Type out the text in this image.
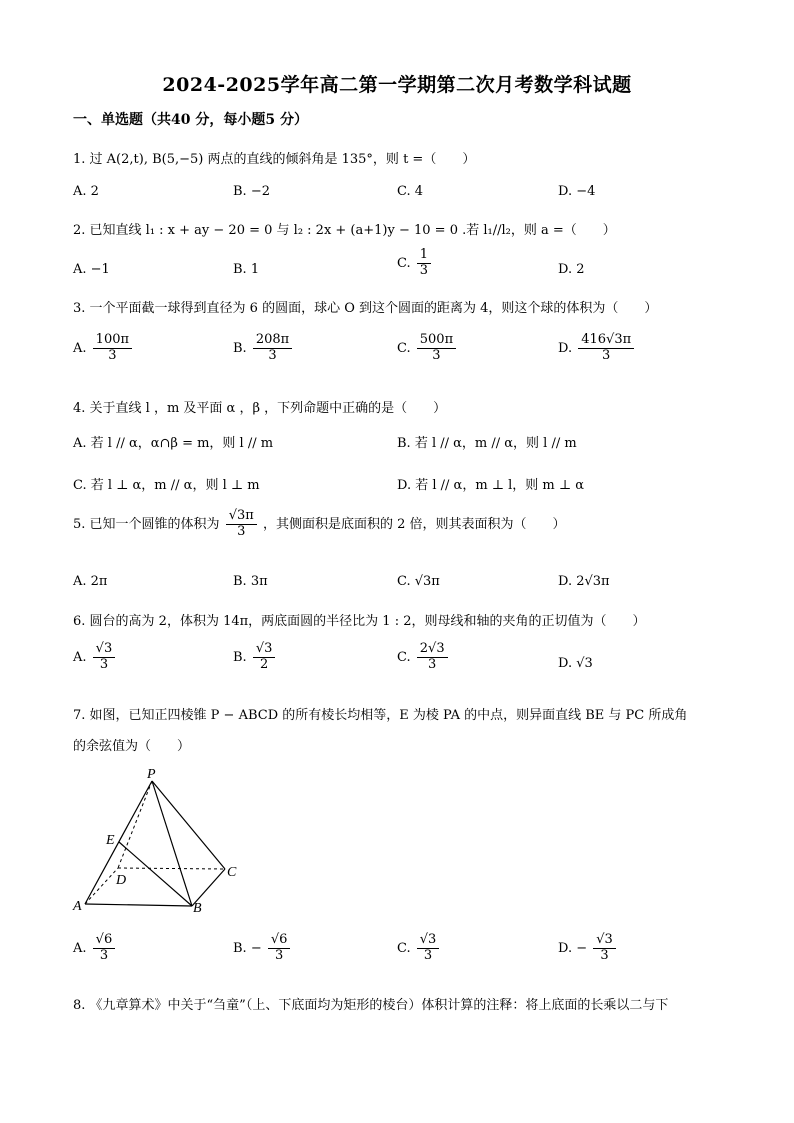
2024-2025学年高二第一学期第二次月考数学科试题
一、单选题（共40 分，每小题5 分）
1. 过 A(2,t), B(5,−5) 两点的直线的倾斜角是 135°，则 t =（　　）
A. 2	B. −2	C. 4	D. −4
2. 已知直线 l₁ : x + ay − 20 = 0 与 l₂ : 2x + (a+1)y − 10 = 0 .若 l₁//l₂，则 a =（　　）
A. −1	B. 1	C. $\frac{1}{3}$	D. 2
3. 一个平面截一球得到直径为 6 的圆面，球心 O 到这个圆面的距离为 4，则这个球的体积为（　　）
A. $\frac{100\pi}{3}$	B. $\frac{208\pi}{3}$	C. $\frac{500\pi}{3}$	D. $\frac{416√3\pi}{3}$
4. 关于直线 l ，m 及平面 α ，β ，下列命题中正确的是（　　）
A. 若 l // α，α∩β = m，则 l // m	B. 若 l // α，m // α，则 l // m
C. 若 l ⊥ α，m // α，则 l ⊥ m	D. 若 l // α，m ⊥ l，则 m ⊥ α
5. 已知一个圆锥的体积为 $\frac{√3\pi}{3}$ ，其侧面积是底面积的 2 倍，则其表面积为（　　）
A. 2π	B. 3π	C. √3π	D. 2√3π
6. 圆台的高为 2，体积为 14π，两底面圆的半径比为 1 : 2，则母线和轴的夹角的正切值为（　　）
A. $\frac{√3}{3}$	B. $\frac{√3}{2}$	C. $\frac{2√3}{3}$	D. √3
7. 如图，已知正四棱锥 P − ABCD 的所有棱长均相等，E 为棱 PA 的中点，则异面直线 BE 与 PC 所成角
的余弦值为（　　）
P
E
D
C
A	B
A. $\frac{√6}{3}$	B. − $\frac{√6}{3}$	C. $\frac{√3}{3}$	D. − $\frac{√3}{3}$
8. 《九章算术》中关于“刍童”（上、下底面均为矩形的棱台）体积计算的注释：将上底面的长乘以二与下
